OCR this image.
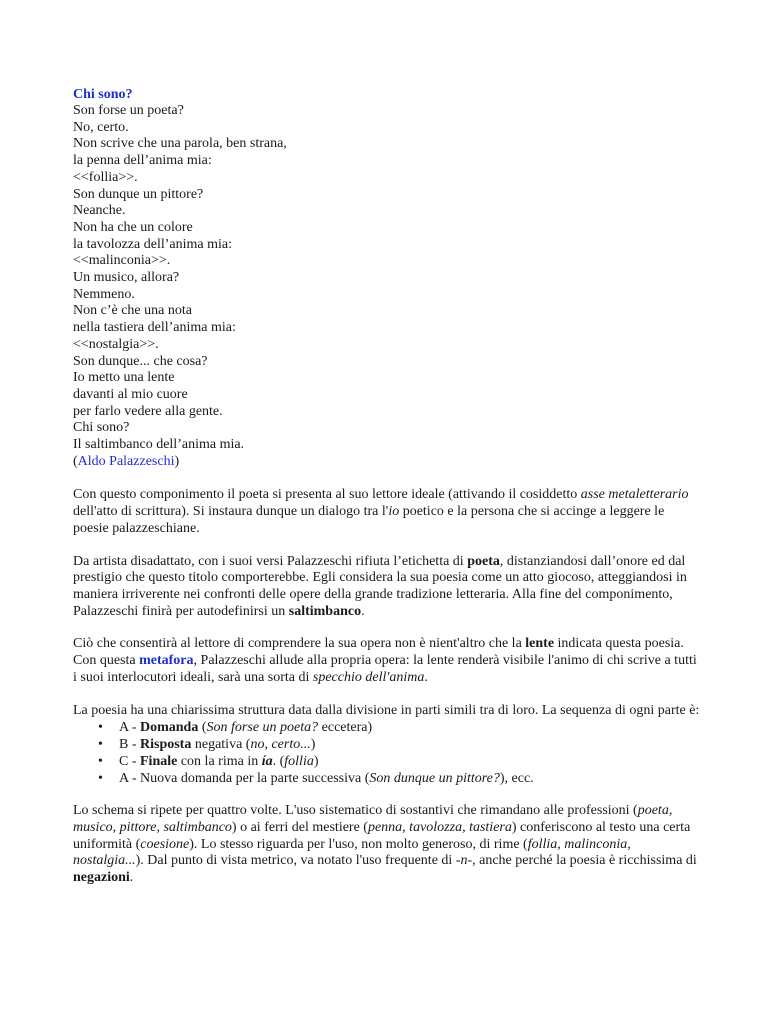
Chi sono?
Son forse un poeta?
No, certo.
Non scrive che una parola, ben strana,
la penna dell’anima mia:
<<follia>>.
Son dunque un pittore?
Neanche.
Non ha che un colore
la tavolozza dell’anima mia:
<<malinconia>>.
Un musico, allora?
Nemmeno.
Non c’è che una nota
nella tastiera dell’anima mia:
<<nostalgia>>.
Son dunque... che cosa?
Io metto una lente
davanti al mio cuore
per farlo vedere alla gente.
Chi sono?
Il saltimbanco dell’anima mia.
(Aldo Palazzeschi)

Con questo componimento il poeta si presenta al suo lettore ideale (attivando il cosiddetto asse metaletterario dell'atto di scrittura). Si instaura dunque un dialogo tra l'io poetico e la persona che si accinge a leggere le poesie palazzeschiane.

Da artista disadattato, con i suoi versi Palazzeschi rifiuta l’etichetta di poeta, distanziandosi dall’onore ed dal prestigio che questo titolo comporterebbe. Egli considera la sua poesia come un atto giocoso, atteggiandosi in maniera irriverente nei confronti delle opere della grande tradizione letteraria. Alla fine del componimento, Palazzeschi finirà per autodefinirsi un saltimbanco.

Ciò che consentirà al lettore di comprendere la sua opera non è nient'altro che la lente indicata questa poesia. Con questa metafora, Palazzeschi allude alla propria opera: la lente renderà visibile l'animo di chi scrive a tutti i suoi interlocutori ideali, sarà una sorta di specchio dell'anima.

La poesia ha una chiarissima struttura data dalla divisione in parti simili tra di loro. La sequenza di ogni parte è:

• A - Domanda (Son forse un poeta? eccetera)
• B - Risposta negativa (no, certo...)
• C - Finale con la rima in ía. (follia)
• A - Nuova domanda per la parte successiva (Son dunque un pittore?), ecc.

Lo schema si ripete per quattro volte. L'uso sistematico di sostantivi che rimandano alle professioni (poeta, musico, pittore, saltimbanco) o ai ferri del mestiere (penna, tavolozza, tastiera) conferiscono al testo una certa uniformità (coesione). Lo stesso riguarda per l'uso, non molto generoso, di rime (follia, malinconia, nostalgia...). Dal punto di vista metrico, va notato l'uso frequente di -n-, anche perché la poesia è ricchissima di negazioni.
